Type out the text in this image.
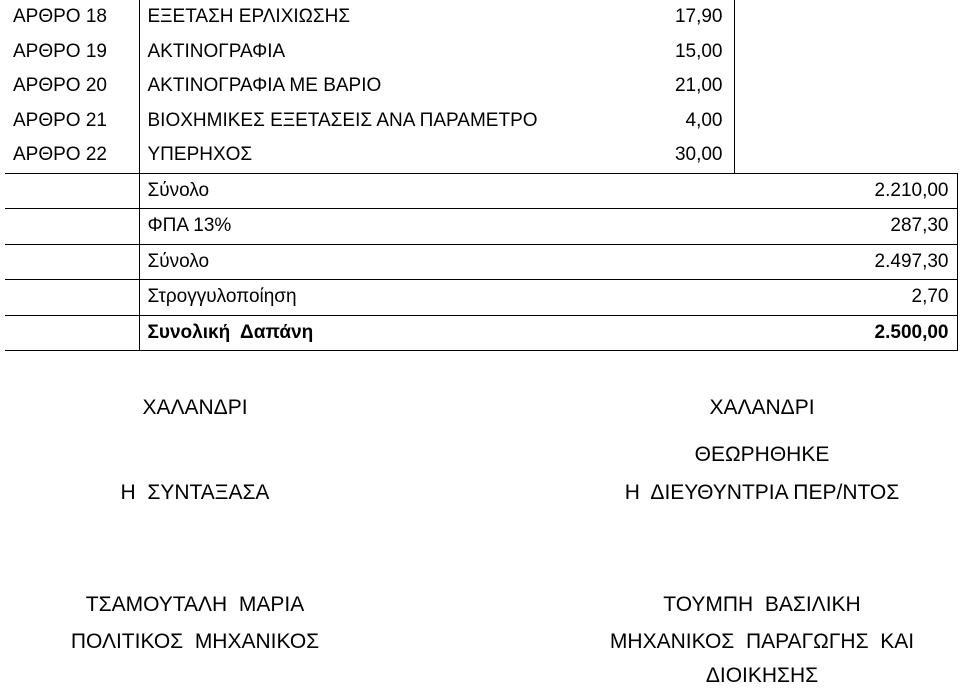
ΑΡΘΡΟ 18	ΕΞΕΤΑΣΗ ΕΡΛΙΧΙΩΣΗΣ	17,90	
ΑΡΘΡΟ 19	ΑΚΤΙΝΟΓΡΑΦΙΑ	15,00	
ΑΡΘΡΟ 20	ΑΚΤΙΝΟΓΡΑΦΙΑ ΜΕ ΒΑΡΙΟ	21,00	
ΑΡΘΡΟ 21	ΒΙΟΧΗΜΙΚΕΣ ΕΞΕΤΑΣΕΙΣ ΑΝΑ ΠΑΡΑΜΕΤΡΟ	4,00	
ΑΡΘΡΟ 22	ΥΠΕΡΗΧΟΣ	30,00	
	Σύνολο		2.210,00
	ΦΠΑ 13%		287,30
	Σύνολο		2.497,30
	Στρογγυλοποίηση		2,70
	Συνολική  Δαπάνη		2.500,00
ΧΑΛΑΝΔΡΙ
Η  ΣΥΝΤΑΞΑΣΑ
ΤΣΑΜΟΥΤΑΛΗ  ΜΑΡΙΑ
ΠΟΛΙΤΙΚΟΣ  ΜΗΧΑΝΙΚΟΣ
ΧΑΛΑΝΔΡΙ
ΘΕΩΡΗΘΗΚΕ
Η  ΔΙΕΥΘΥΝΤΡΙΑ ΠΕΡ/ΝΤΟΣ
ΤΟΥΜΠΗ  ΒΑΣΙΛΙΚΗ
ΜΗΧΑΝΙΚΟΣ  ΠΑΡΑΓΩΓΗΣ  ΚΑΙ
ΔΙΟΙΚΗΣΗΣ
